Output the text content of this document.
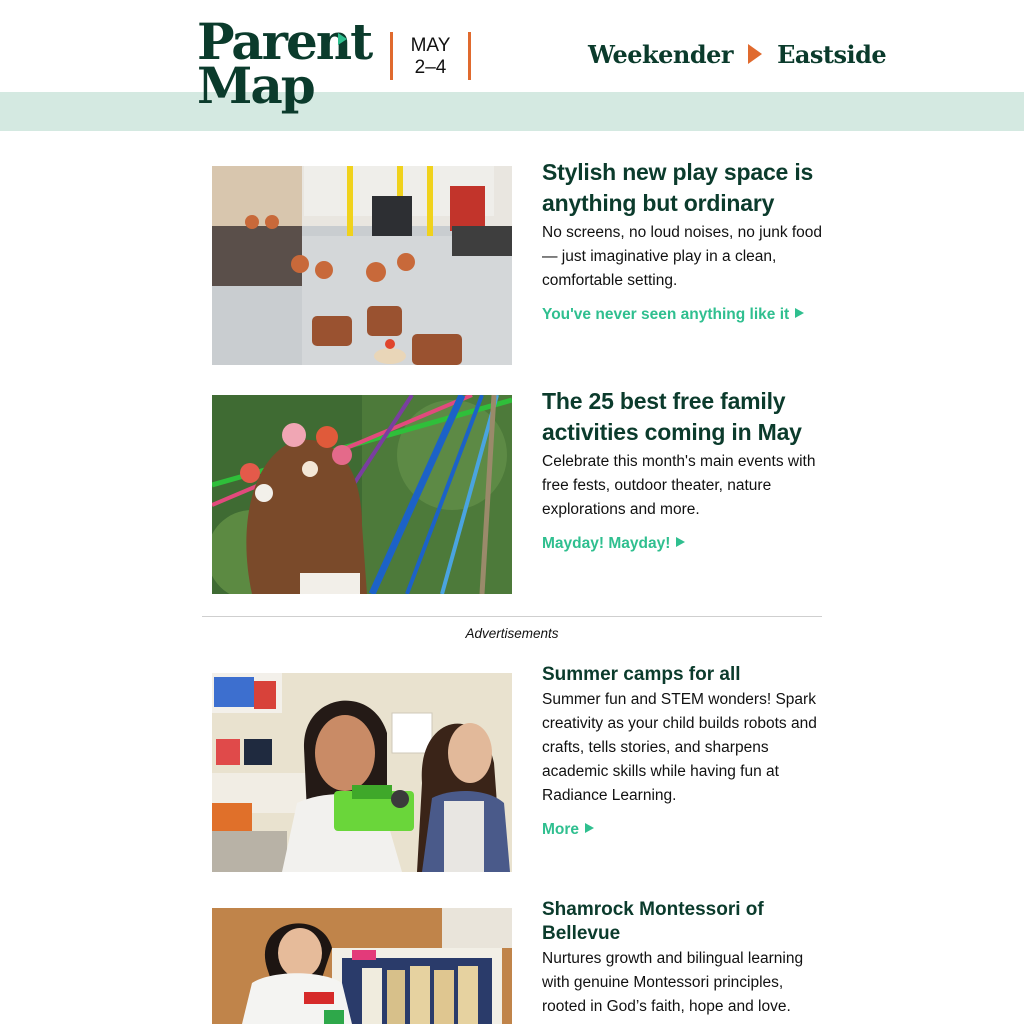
Parent
Map
MAY
2–4	Weekender Eastside
Stylish new play space is anything but ordinary
No screens, no loud noises, no junk food — just imaginative play in a clean, comfortable setting.
You've never seen anything like it
The 25 best free family activities coming in May
Celebrate this month's main events with free fests, outdoor theater, nature explorations and more.
Mayday! Mayday!
Advertisements
Summer camps for all
Summer fun and STEM wonders! Spark creativity as your child builds robots and crafts, tells stories, and sharpens academic skills while having fun at Radiance Learning.
More
Shamrock Montessori of Bellevue
Nurtures growth and bilingual learning with genuine Montessori principles, rooted in God’s faith, hope and love.
